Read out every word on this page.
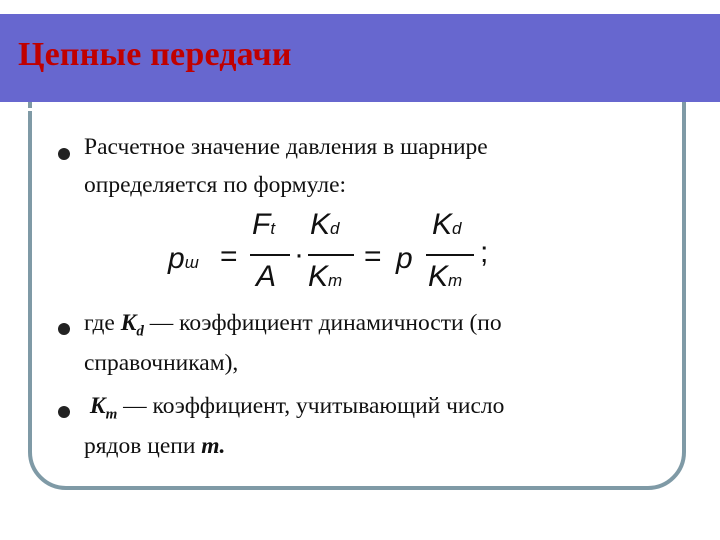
Цепные передачи
Расчетное значение давления в шарнире
определяется по формуле:
pш =
Ft
A
·
Kd
Km
= p
Kd
Km
;
где $K_d$ — коэффициент динамичности (по
справочникам),
$K_m$ — коэффициент, учитывающий число
рядов цепи m.
